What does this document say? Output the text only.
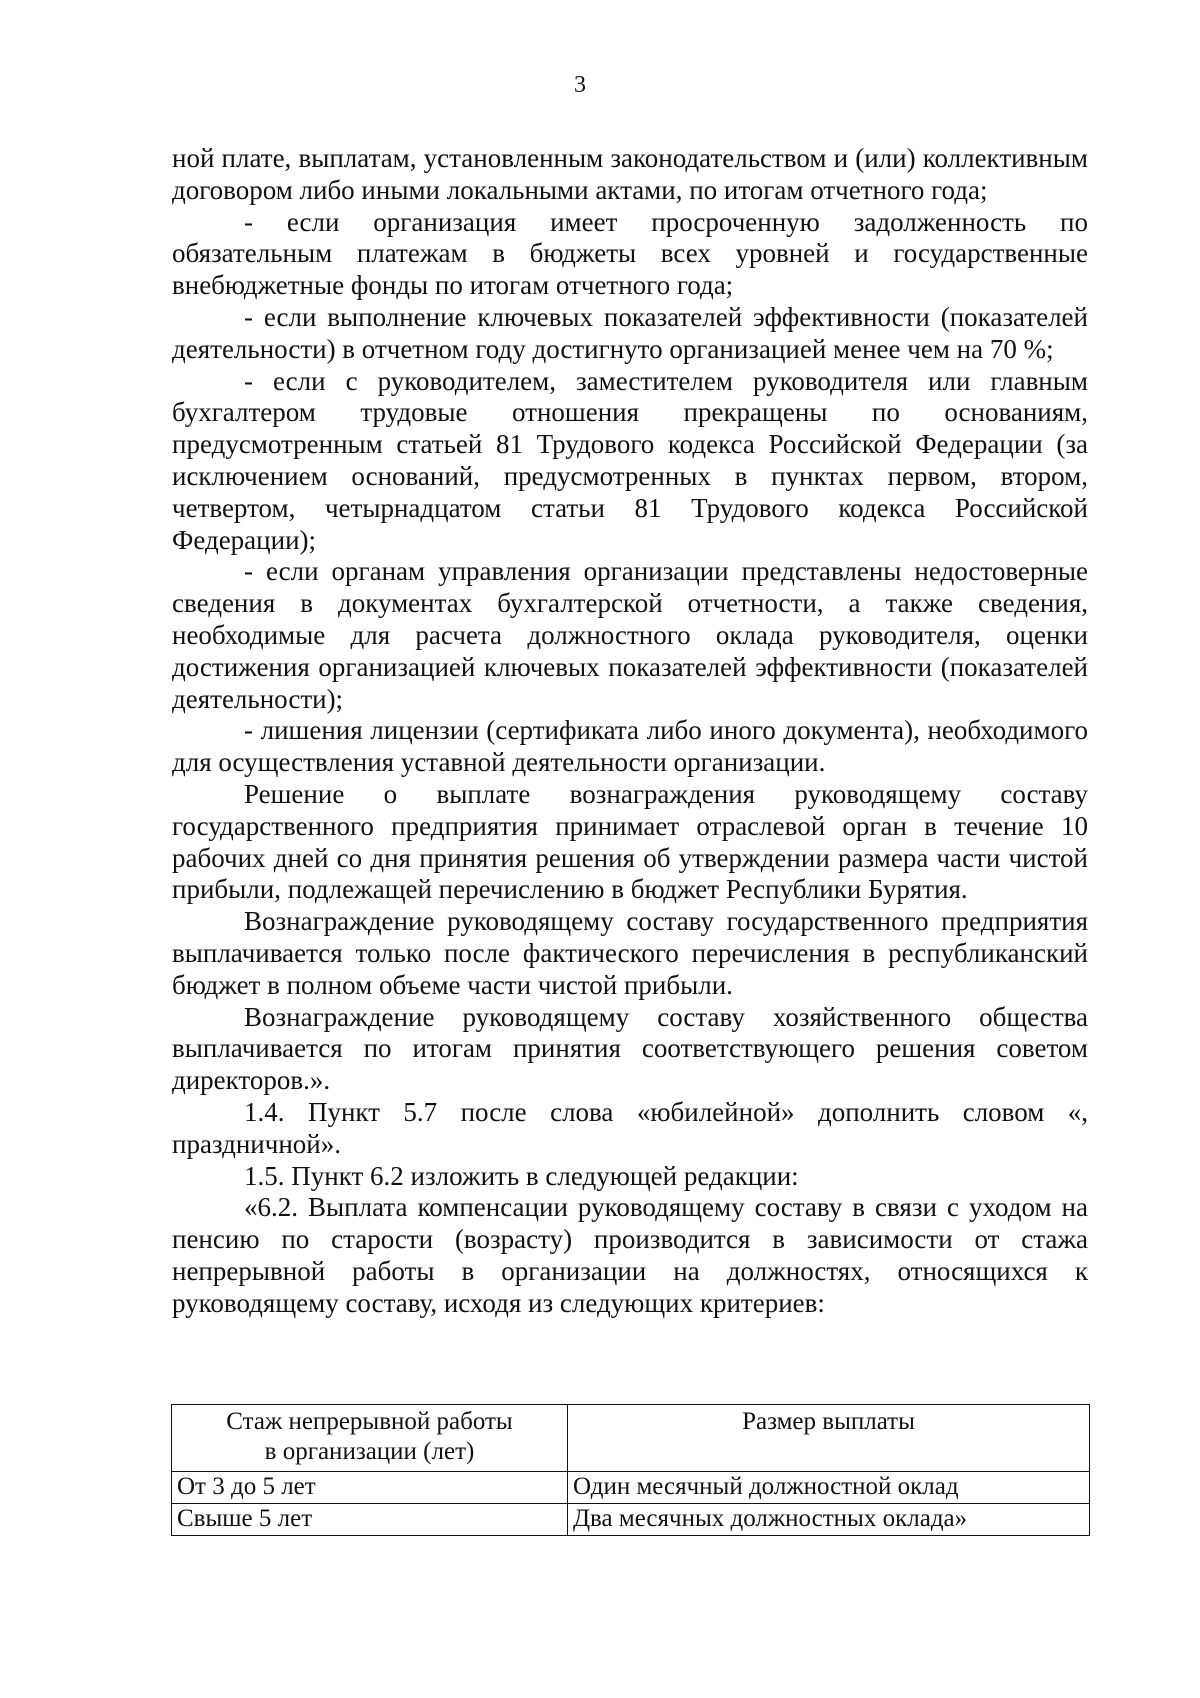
3

ной плате, выплатам, установленным законодательством и (или) коллективным договором либо иными локальными актами, по итогам отчетного года;

- если организация имеет просроченную задолженность по обязательным платежам в бюджеты всех уровней и государственные внебюджетные фонды по итогам отчетного года;

- если выполнение ключевых показателей эффективности (показателей деятельности) в отчетном году достигнуто организацией менее чем на 70 %;

- если с руководителем, заместителем руководителя или главным бухгалтером трудовые отношения прекращены по основаниям, предусмотренным статьей 81 Трудового кодекса Российской Федерации (за исключением оснований, предусмотренных в пунктах первом, втором, четвертом, четырнадцатом статьи 81 Трудового кодекса Российской Федерации);

- если органам управления организации представлены недостоверные сведения в документах бухгалтерской отчетности, а также сведения, необходимые для расчета должностного оклада руководителя, оценки достижения организацией ключевых показателей эффективности (показателей деятельности);

- лишения лицензии (сертификата либо иного документа), необходимого для осуществления уставной деятельности организации.

Решение о выплате вознаграждения руководящему составу государственного предприятия принимает отраслевой орган в течение 10 рабочих дней со дня принятия решения об утверждении размера части чистой прибыли, подлежащей перечислению в бюджет Республики Бурятия.

Вознаграждение руководящему составу государственного предприятия выплачивается только после фактического перечисления в республиканский бюджет в полном объеме части чистой прибыли.

Вознаграждение руководящему составу хозяйственного общества выплачивается по итогам принятия соответствующего решения советом директоров.».

1.4. Пункт 5.7 после слова «юбилейной» дополнить словом «, праздничной».

1.5. Пункт 6.2 изложить в следующей редакции:

«6.2. Выплата компенсации руководящему составу в связи с уходом на пенсию по старости (возрасту) производится в зависимости от стажа непрерывной работы в организации на должностях, относящихся к руководящему составу, исходя из следующих критериев:

Стаж непрерывной работы
в организации (лет)	Размер выплаты
От 3 до 5 лет	Один месячный должностной оклад
Свыше 5 лет	Два месячных должностных оклада»
